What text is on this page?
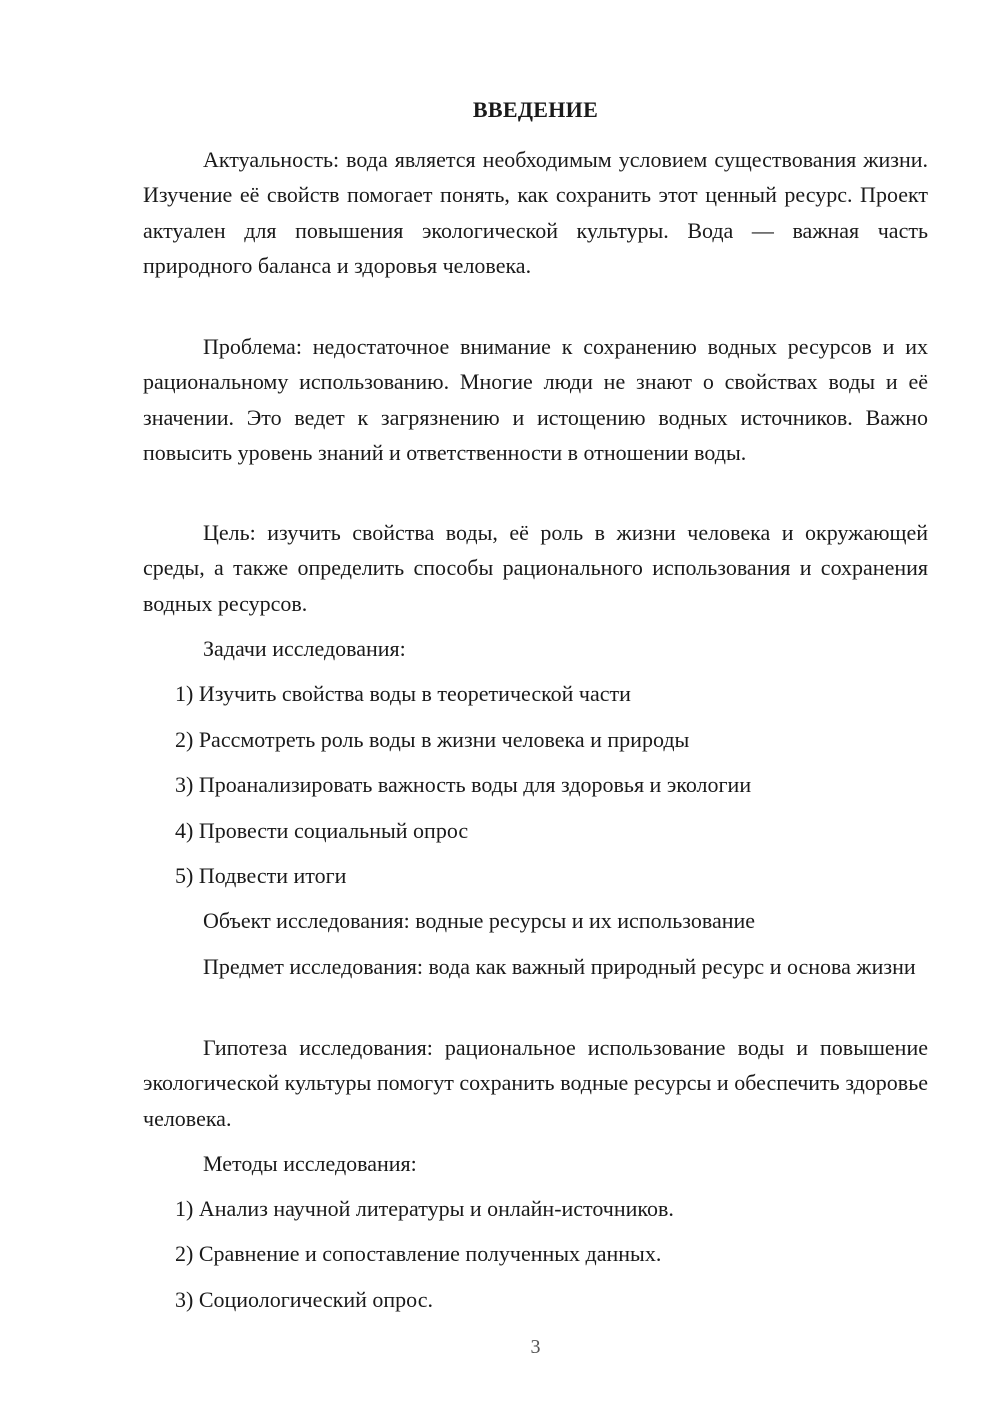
ВВЕДЕНИЕ

Актуальность: вода является необходимым условием существования жизни. Изучение её свойств помогает понять, как сохранить этот ценный ресурс. Проект актуален для повышения экологической культуры. Вода — важная часть природного баланса и здоровья человека.

Проблема: недостаточное внимание к сохранению водных ресурсов и их рациональному использованию. Многие люди не знают о свойствах воды и её значении. Это ведет к загрязнению и истощению водных источников. Важно повысить уровень знаний и ответственности в отношении воды.

Цель: изучить свойства воды, её роль в жизни человека и окружающей среды, а также определить способы рационального использования и сохранения водных ресурсов.

Задачи исследования:

1) Изучить свойства воды в теоретической части

2) Рассмотреть роль воды в жизни человека и природы

3) Проанализировать важность воды для здоровья и экологии

4) Провести социальный опрос

5) Подвести итоги

Объект исследования: водные ресурсы и их использование

Предмет исследования: вода как важный природный ресурс и основа жизни

Гипотеза исследования: рациональное использование воды и повышение экологической культуры помогут сохранить водные ресурсы и обеспечить здоровье человека.

Методы исследования:

1) Анализ научной литературы и онлайн-источников.

2) Сравнение и сопоставление полученных данных.

3) Социологический опрос.

3
